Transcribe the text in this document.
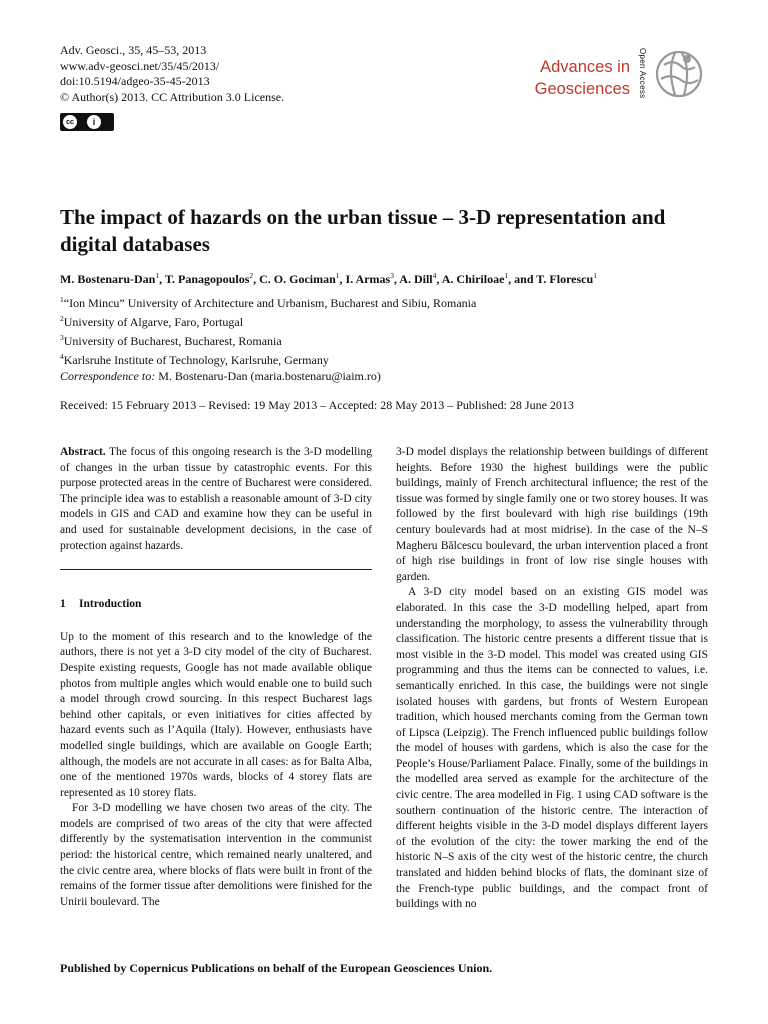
Adv. Geosci., 35, 45–53, 2013
www.adv-geosci.net/35/45/2013/
doi:10.5194/adgeo-35-45-2013
© Author(s) 2013. CC Attribution 3.0 License.
cc	i
Advances in
Geosciences	Open Access
The impact of hazards on the urban tissue – 3-D representation and digital databases
M. Bostenaru-Dan$^1$, T. Panagopoulos$^2$, C. O. Gociman$^1$, I. Armas$^3$, A. Dill$^4$, A. Chiriloae$^1$, and T. Florescu$^1$
$^1$“Ion Mincu” University of Architecture and Urbanism, Bucharest and Sibiu, Romania
$^2$University of Algarve, Faro, Portugal
$^3$University of Bucharest, Bucharest, Romania
$^4$Karlsruhe Institute of Technology, Karlsruhe, Germany
Correspondence to: M. Bostenaru-Dan (maria.bostenaru@iaim.ro)
Received: 15 February 2013 – Revised: 19 May 2013 – Accepted: 28 May 2013 – Published: 28 June 2013

Abstract. The focus of this ongoing research is the 3-D modelling of changes in the urban tissue by catastrophic events. For this purpose protected areas in the centre of Bucharest were considered. The principle idea was to establish a reasonable amount of 3-D city models in GIS and CAD and examine how they can be useful in and used for sustainable development decisions, in the case of protection against hazards.

1 Introduction

Up to the moment of this research and to the knowledge of the authors, there is not yet a 3-D city model of the city of Bucharest. Despite existing requests, Google has not made available oblique photos from multiple angles which would enable one to build such a model through crowd sourcing. In this respect Bucharest lags behind other capitals, or even initiatives for cities affected by hazard events such as l’Aquila (Italy). However, enthusiasts have modelled single buildings, which are available on Google Earth; although, the models are not accurate in all cases: as for Balta Alba, one of the mentioned 1970s wards, blocks of 4 storey flats are represented as 10 storey flats.

For 3-D modelling we have chosen two areas of the city. The models are comprised of two areas of the city that were affected differently by the systematisation intervention in the communist period: the historical centre, which remained nearly unaltered, and the civic centre area, where blocks of flats were built in front of the remains of the former tissue after demolitions were finished for the Unirii boulevard. The

3-D model displays the relationship between buildings of different heights. Before 1930 the highest buildings were the public buildings, mainly of French architectural influence; the rest of the tissue was formed by single family one or two storey houses. It was followed by the first boulevard with high rise buildings (19th century boulevards had at most midrise). In the case of the N–S Magheru Bălcescu boulevard, the urban intervention placed a front of high rise buildings in front of low rise single houses with garden.

A 3-D city model based on an existing GIS model was elaborated. In this case the 3-D modelling helped, apart from understanding the morphology, to assess the vulnerability through classification. The historic centre presents a different tissue that is most visible in the 3-D model. This model was created using GIS programming and thus the items can be connected to values, i.e. semantically enriched. In this case, the buildings were not single isolated houses with gardens, but fronts of Western European tradition, which housed merchants coming from the German town of Lipsca (Leipzig). The French influenced public buildings follow the model of houses with gardens, which is also the case for the People’s House/Parliament Palace. Finally, some of the buildings in the modelled area served as example for the architecture of the civic centre. The area modelled in Fig. 1 using CAD software is the southern continuation of the historic centre. The interaction of different heights visible in the 3-D model displays different layers of the evolution of the city: the tower marking the end of the historic N–S axis of the city west of the historic centre, the church translated and hidden behind blocks of flats, the dominant size of the French-type public buildings, and the compact front of buildings with no

Published by Copernicus Publications on behalf of the European Geosciences Union.
